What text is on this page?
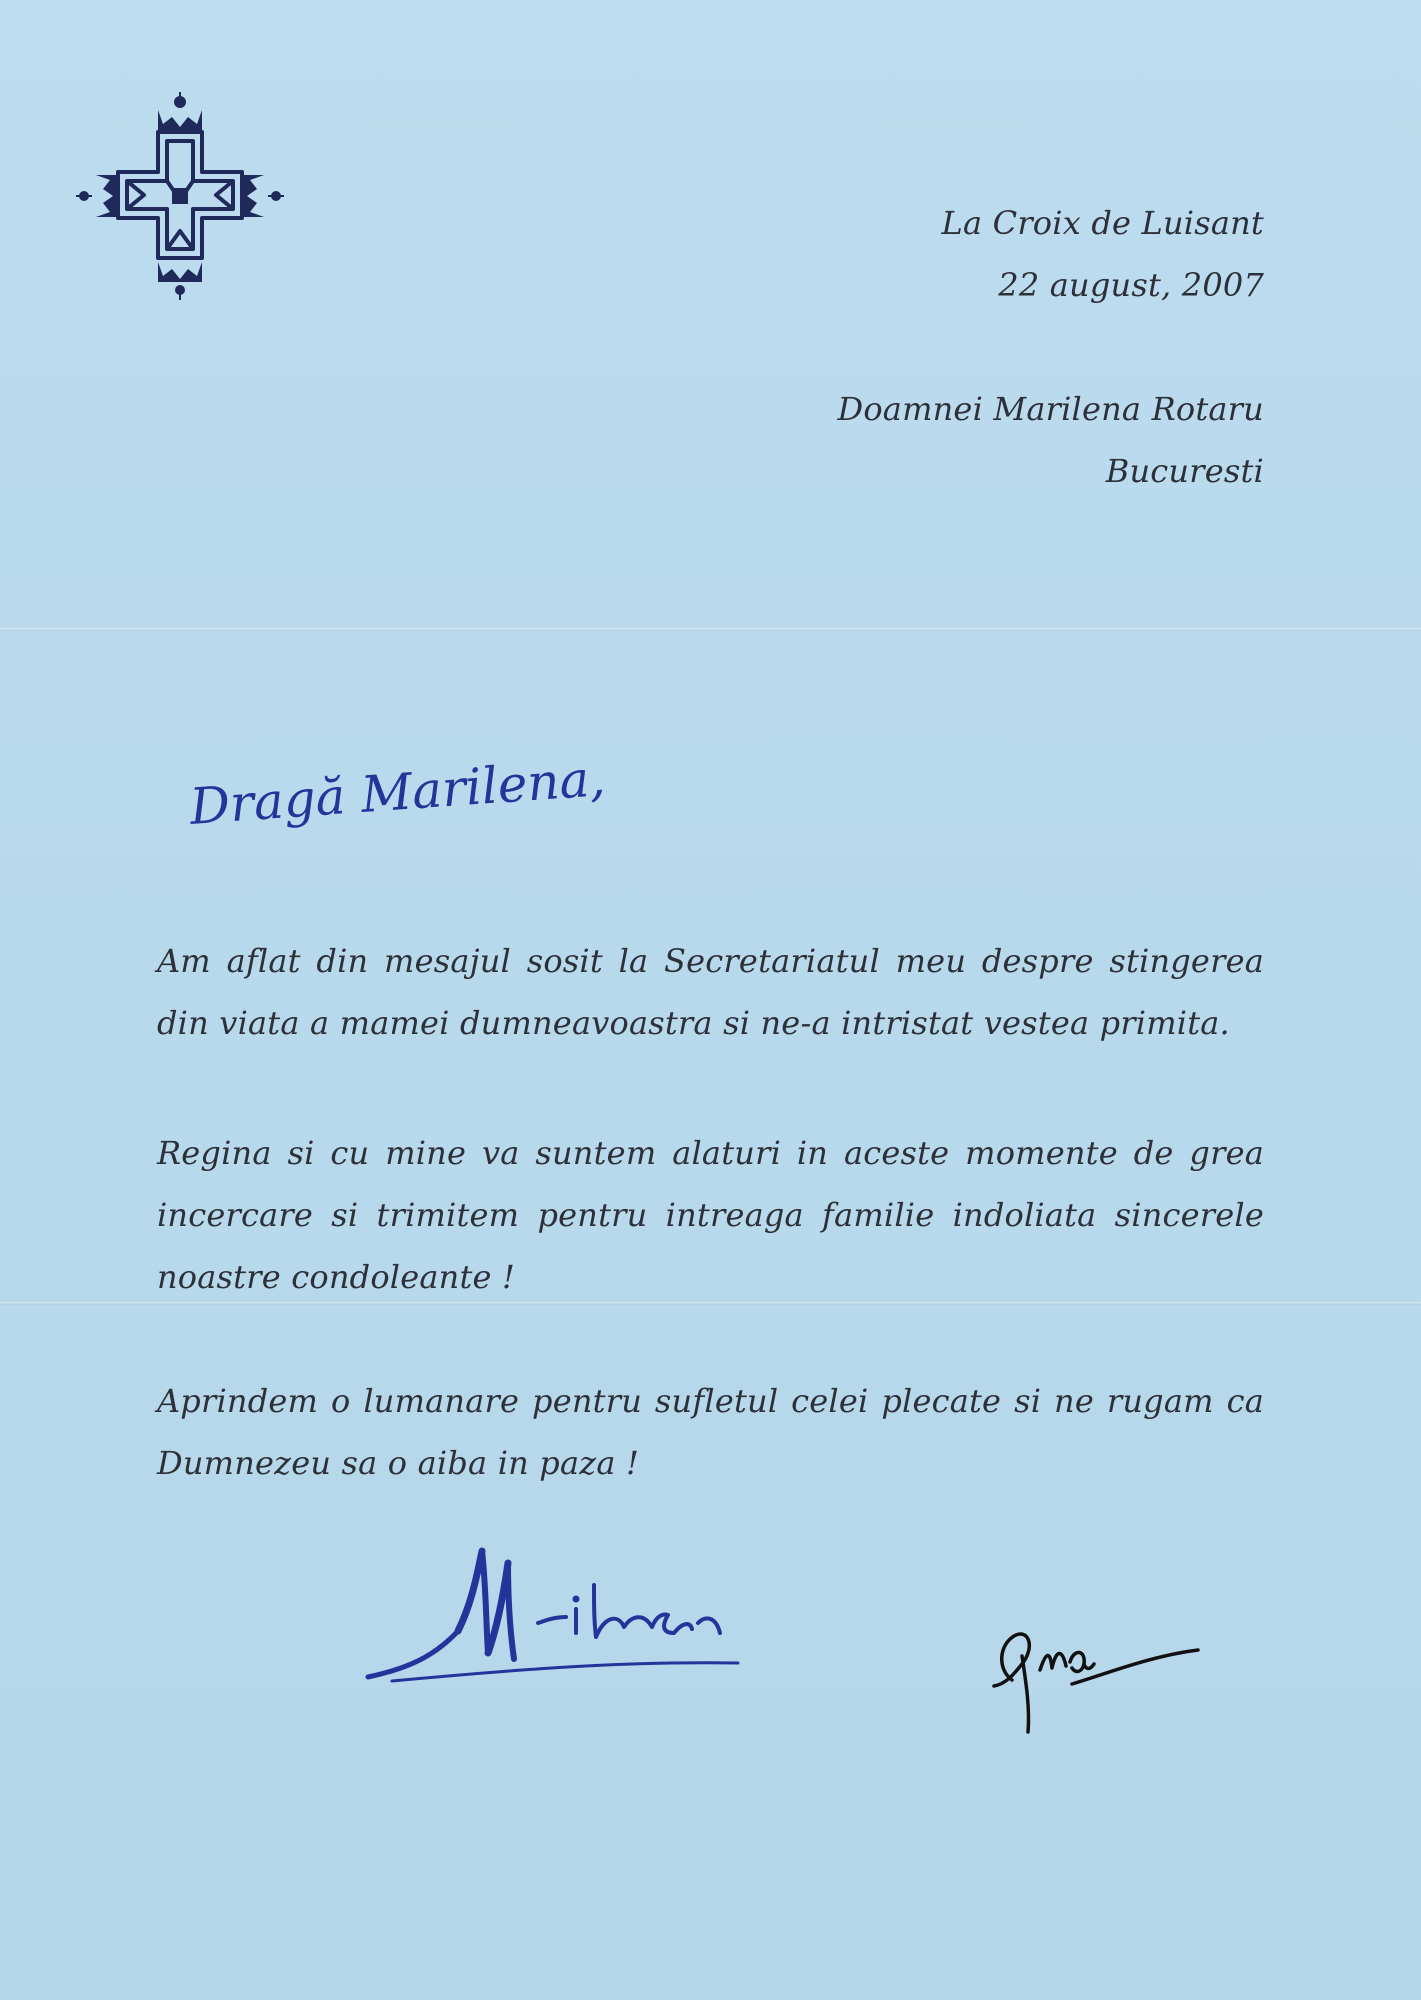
La Croix de Luisant
22 august, 2007
Doamnei Marilena Rotaru
Bucuresti
Dragă Marilena,

Am aflat din mesajul sosit la Secretariatul meu despre stingerea din viata a mamei dumneavoastra si ne-a intristat vestea primita.

Regina si cu mine va suntem alaturi in aceste momente de grea incercare si trimitem pentru intreaga familie indoliata sincerele noastre condoleante !

Aprindem o lumanare pentru sufletul celei plecate si ne rugam ca Dumnezeu sa o aiba in paza !
